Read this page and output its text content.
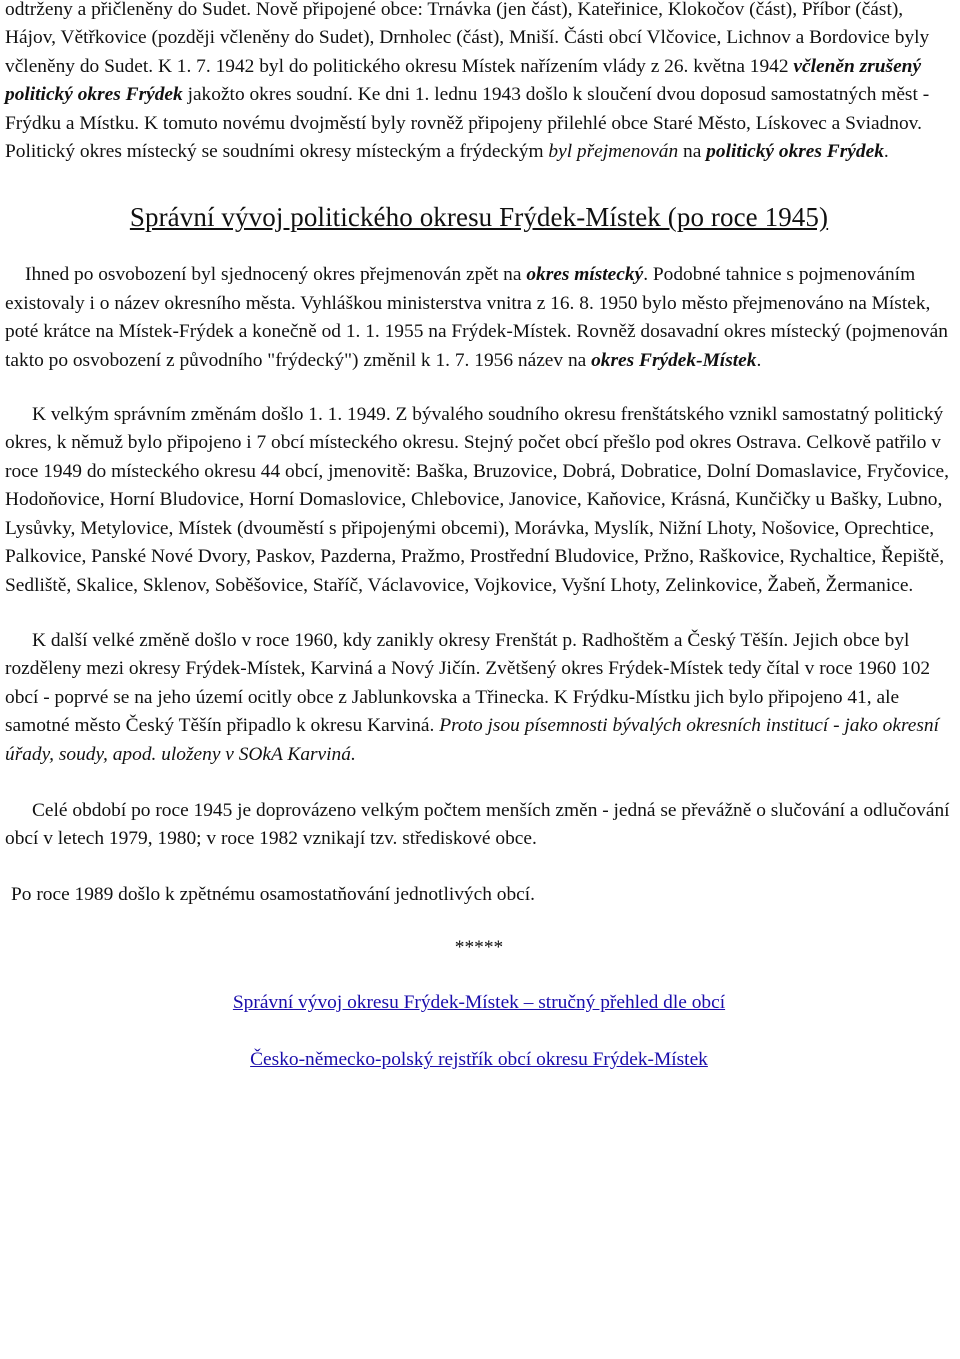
odtrženy a přičleněny do Sudet. Nově připojené obce: Trnávka (jen část), Kateřinice, Klokočov (část), Příbor (část), Hájov, Větřkovice (později včleněny do Sudet), Drnholec (část), Mniší. Části obcí Vlčovice, Lichnov a Bordovice byly včleněny do Sudet. K 1. 7. 1942 byl do politického okresu Místek nařízením vlády z 26. května 1942 včleněn zrušený politický okres Frýdek jakožto okres soudní. Ke dni 1. lednu 1943 došlo k sloučení dvou doposud samostatných měst - Frýdku a Místku. K tomuto novému dvojměstí byly rovněž připojeny přilehlé obce Staré Město, Lískovec a Sviadnov. Politický okres místecký se soudními okresy místeckým a frýdeckým byl přejmenován na politický okres Frýdek.

Správní vývoj politického okresu Frýdek-Místek (po roce 1945)

Ihned po osvobození byl sjednocený okres přejmenován zpět na okres místecký. Podobné tahnice s pojmenováním existovaly i o název okresního města. Vyhláškou ministerstva vnitra z 16. 8. 1950 bylo město přejmenováno na Místek, poté krátce na Místek-Frýdek a konečně od 1. 1. 1955 na Frýdek-Místek. Rovněž dosavadní okres místecký (pojmenován takto po osvobození z původního "frýdecký") změnil k 1. 7. 1956 název na okres Frýdek-Místek.

K velkým správním změnám došlo 1. 1. 1949. Z bývalého soudního okresu frenštátského vznikl samostatný politický okres, k němuž bylo připojeno i 7 obcí místeckého okresu. Stejný počet obcí přešlo pod okres Ostrava. Celkově patřilo v roce 1949 do místeckého okresu 44 obcí, jmenovitě: Baška, Bruzovice, Dobrá, Dobratice, Dolní Domaslavice, Fryčovice, Hodoňovice, Horní Bludovice, Horní Domaslovice, Chlebovice, Janovice, Kaňovice, Krásná, Kunčičky u Bašky, Lubno, Lysůvky, Metylovice, Místek (dvouměstí s připojenými obcemi), Morávka, Myslík, Nižní Lhoty, Nošovice, Oprechtice, Palkovice, Panské Nové Dvory, Paskov, Pazderna, Pražmo, Prostřední Bludovice, Pržno, Raškovice, Rychaltice, Řepiště, Sedliště, Skalice, Sklenov, Soběšovice, Staříč, Václavovice, Vojkovice, Vyšní Lhoty, Zelinkovice, Žabeň, Žermanice.

K další velké změně došlo v roce 1960, kdy zanikly okresy Frenštát p. Radhoštěm a Český Těšín. Jejich obce byl rozděleny mezi okresy Frýdek-Místek, Karviná a Nový Jičín. Zvětšený okres Frýdek-Místek tedy čítal v roce 1960 102 obcí - poprvé se na jeho území ocitly obce z Jablunkovska a Třinecka. K Frýdku-Místku jich bylo připojeno 41, ale samotné město Český Těšín připadlo k okresu Karviná. Proto jsou písemnosti bývalých okresních institucí - jako okresní úřady, soudy, apod. uloženy v SOkA Karviná.

Celé období po roce 1945 je doprovázeno velkým počtem menších změn - jedná se převážně o slučování a odlučování obcí v letech 1979, 1980; v roce 1982 vznikají tzv. střediskové obce.

Po roce 1989 došlo k zpětnému osamostatňování jednotlivých obcí.

*****
Správní vývoj okresu Frýdek-Místek – stručný přehled dle obcí
Česko-německo-polský rejstřík obcí okresu Frýdek-Místek
